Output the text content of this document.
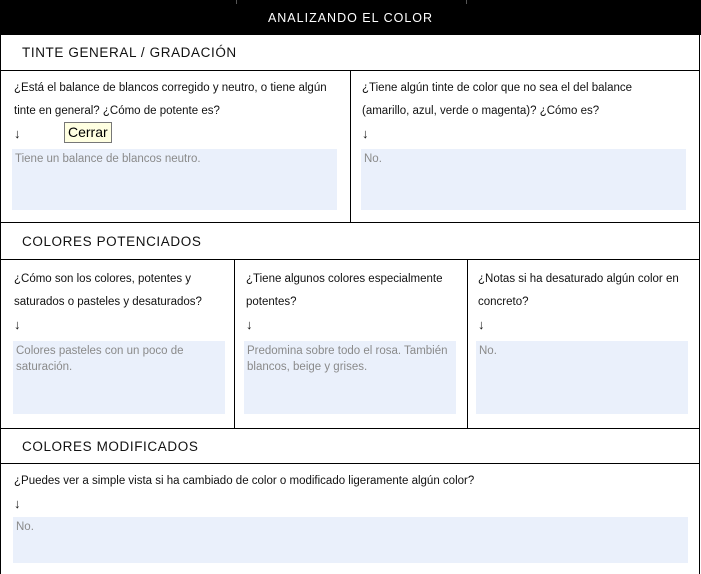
ANALIZANDO EL COLOR
TINTE GENERAL / GRADACIÓN
¿Está el balance de blancos corregido y neutro, o tiene algún tinte en general? ¿Cómo de potente es?
↓	Cerrar
Tiene un balance de blancos neutro.
¿Tiene algún tinte de color que no sea el del balance (amarillo, azul, verde o magenta)? ¿Cómo es?
↓
No.
COLORES POTENCIADOS
¿Cómo son los colores, potentes y saturados o pasteles y desaturados?
↓
Colores pasteles con un poco de saturación.
¿Tiene algunos colores especialmente potentes?
↓
Predomina sobre todo el rosa. También blancos, beige y grises.
¿Notas si ha desaturado algún color en concreto?
↓
No.
COLORES MODIFICADOS
¿Puedes ver a simple vista si ha cambiado de color o modificado ligeramente algún color?
↓
No.
